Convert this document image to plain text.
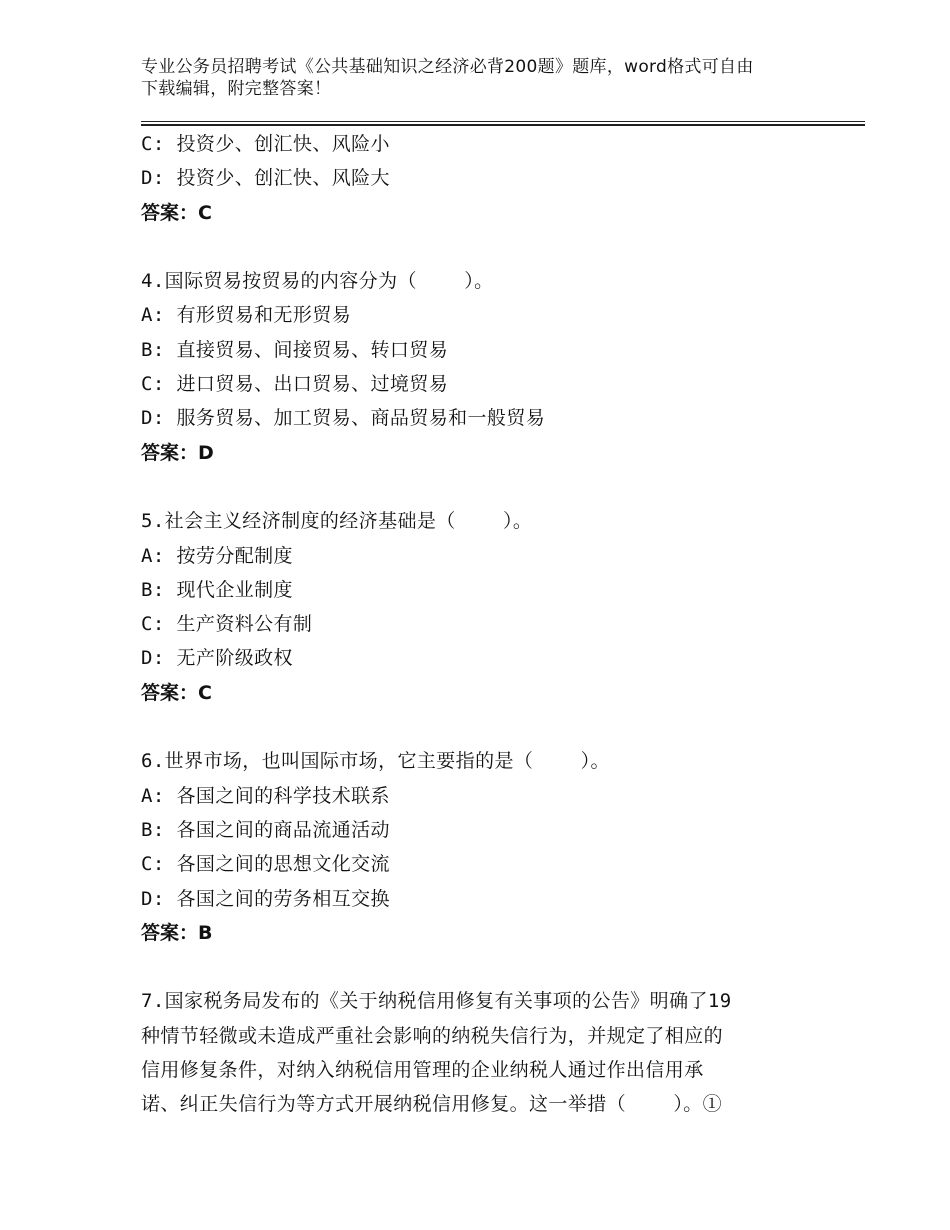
专业公务员招聘考试《公共基础知识之经济必背200题》题库，word格式可自由
下载编辑，附完整答案！
C: 投资少、创汇快、风险小
D: 投资少、创汇快、风险大
答案：C
4.国际贸易按贸易的内容分为（    ）。
A: 有形贸易和无形贸易
B: 直接贸易、间接贸易、转口贸易
C: 进口贸易、出口贸易、过境贸易
D: 服务贸易、加工贸易、商品贸易和一般贸易
答案：D
5.社会主义经济制度的经济基础是（    ）。
A: 按劳分配制度
B: 现代企业制度
C: 生产资料公有制
D: 无产阶级政权
答案：C
6.世界市场，也叫国际市场，它主要指的是（    ）。
A: 各国之间的科学技术联系
B: 各国之间的商品流通活动
C: 各国之间的思想文化交流
D: 各国之间的劳务相互交换
答案：B
7.国家税务局发布的《关于纳税信用修复有关事项的公告》明确了19
种情节轻微或未造成严重社会影响的纳税失信行为，并规定了相应的
信用修复条件，对纳入纳税信用管理的企业纳税人通过作出信用承
诺、纠正失信行为等方式开展纳税信用修复。这一举措（    ）。①
